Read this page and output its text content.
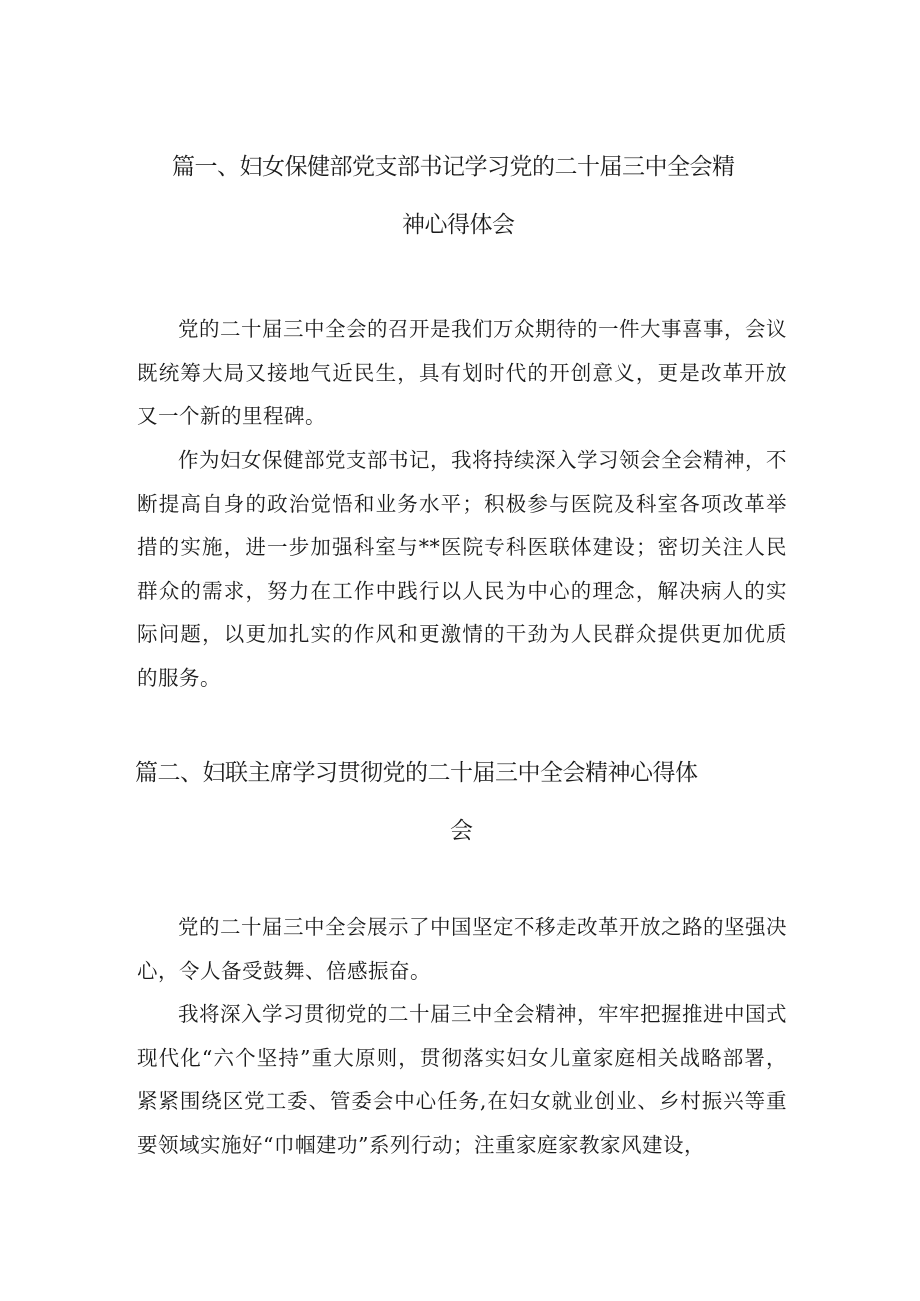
篇一、妇女保健部党支部书记学习党的二十届三中全会精
神心得体会

党的二十届三中全会的召开是我们万众期待的一件大事喜事，会议既统筹大局又接地气近民生，具有划时代的开创意义，更是改革开放又一个新的里程碑。

作为妇女保健部党支部书记，我将持续深入学习领会全会精神，不断提高自身的政治觉悟和业务水平；积极参与医院及科室各项改革举措的实施，进一步加强科室与**医院专科医联体建设；密切关注人民群众的需求，努力在工作中践行以人民为中心的理念，解决病人的实际问题，以更加扎实的作风和更激情的干劲为人民群众提供更加优质的服务。

篇二、妇联主席学习贯彻党的二十届三中全会精神心得体
会

党的二十届三中全会展示了中国坚定不移走改革开放之路的坚强决心，令人备受鼓舞、倍感振奋。

我将深入学习贯彻党的二十届三中全会精神，牢牢把握推进中国式现代化“六个坚持”重大原则，贯彻落实妇女儿童家庭相关战略部署，紧紧围绕区党工委、管委会中心任务,在妇女就业创业、乡村振兴等重要领域实施好“巾帼建功”系列行动；注重家庭家教家风建设，
